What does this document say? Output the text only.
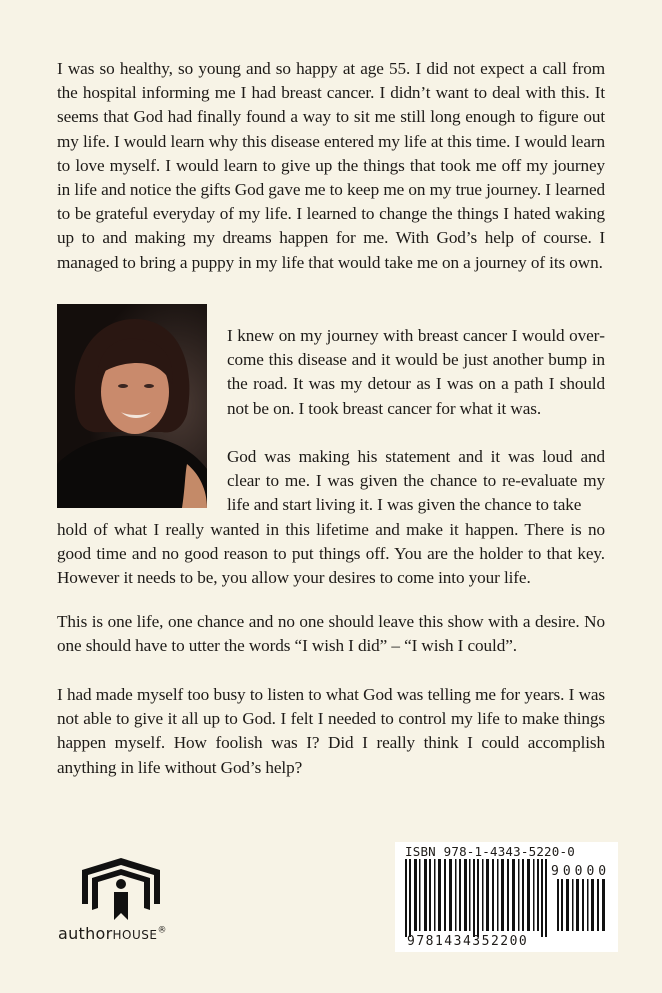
I was so healthy, so young and so happy at age 55. I did not expect a call from the hospital informing me I had breast cancer. I didn’t want to deal with this. It seems that God had finally found a way to sit me still long enough to figure out my life. I would learn why this disease entered my life at this time. I would learn to love myself. I would learn to give up the things that took me off my journey in life and notice the gifts God gave me to keep me on my true journey. I learned to be grateful everyday of my life. I learned to change the things I hated waking up to and making my dreams happen for me. With God’s help of course. I managed to bring a puppy in my life that would take me on a journey of its own.
I knew on my journey with breast cancer I would overcome this disease and it would be just another bump in the road. It was my detour as I was on a path I should not be on. I took breast cancer for what it was.
God was making his statement and it was loud and clear to me. I was given the chance to re-evaluate my life and start living it. I was given the chance to take
hold of what I really wanted in this lifetime and make it happen. There is no good time and no good reason to put things off. You are the holder to that key. However it needs to be, you allow your desires to come into your life.
This is one life, one chance and no one should leave this show with a desire. No one should have to utter the words “I wish I did” – “I wish I could”.
I had made myself too busy to listen to what God was telling me for years. I was not able to give it all up to God. I felt I needed to control my life to make things happen myself. How foolish was I? Did I really think I could accomplish anything in life without God’s help?
authorHOUSE®
ISBN 978-1-4343-5220-0
90000
9781434352200
